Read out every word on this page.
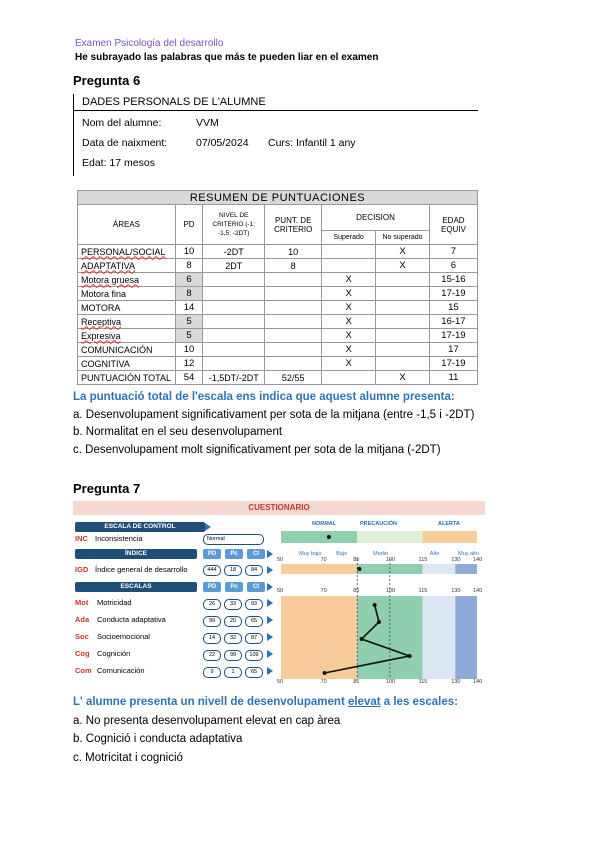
Examen Psicología del desarrollo
He subrayado las palabras que más te pueden liar en el examen
Pregunta 6
DADES PERSONALS DE L'ALUMNE
Nom del alumne:	VVM
Data de naixment:	07/05/2024 Curs: Infantil 1 any
Edat: 17 mesos
RESUMEN DE PUNTUACIONES						
ÁREAS	PD	NIVEL DE CRITERIO (-1; -1,5; -2DT)	PUNT. DE CRITERIO	DECISION		EDAD EQUIV
				Superado	No superado	
PERSONAL/SOCIAL	10	-2DT	10		X	7
ADAPTATIVA	8	2DT	8		X	6
Motora gruesa	6			X		15-16
Motora fina	8			X		17-19
MOTORA	14			X		15
Receptiva	5			X		16-17
Expresiva	5			X		17-19
COMUNICACIÓN	10			X		17
COGNITIVA	12			X		17-19
PUNTUACIÓN TOTAL	54	-1,5DT/-2DT	52/55		X	11
La puntuació total de l'escala ens indica que aquest alumne presenta:
a. Desenvolupament significativament per sota de la mitjana (entre -1,5 i -2DT)
b. Normalitat en el seu desenvolupament
c. Desenvolupament molt significativament per sota de la mitjana (-2DT)
Pregunta 7
CUESTIONARIO
ESCALA DE CONTROL
INC Inconsistencia	Normal
ÍNDICE	PD	Pc	CI
IGD Índice general de desarrollo	444	18	84
ESCALAS	PD	Pc	CI
Mot Motricidad	26	33	93
Ada Conducta adaptativa	99	20	65
Soc Socioemocional	14	32	87
Cog Cognición	22	99	109
Com Comunicación	9	1	65
NORMAL	PRECAUCIÓN	ALERTA
Muy bajo	Bajo	Medio	Alto	Muy alto
50	70	85	100	115	130 140
50	70	85	100	115	130 140
50	70	85	100	115	130 140
L' alumne presenta un nivell de desenvolupament elevat a les escales:
a. No presenta desenvolupament elevat en cap àrea
b. Cognició i conducta adaptativa
c. Motricitat i cognició
